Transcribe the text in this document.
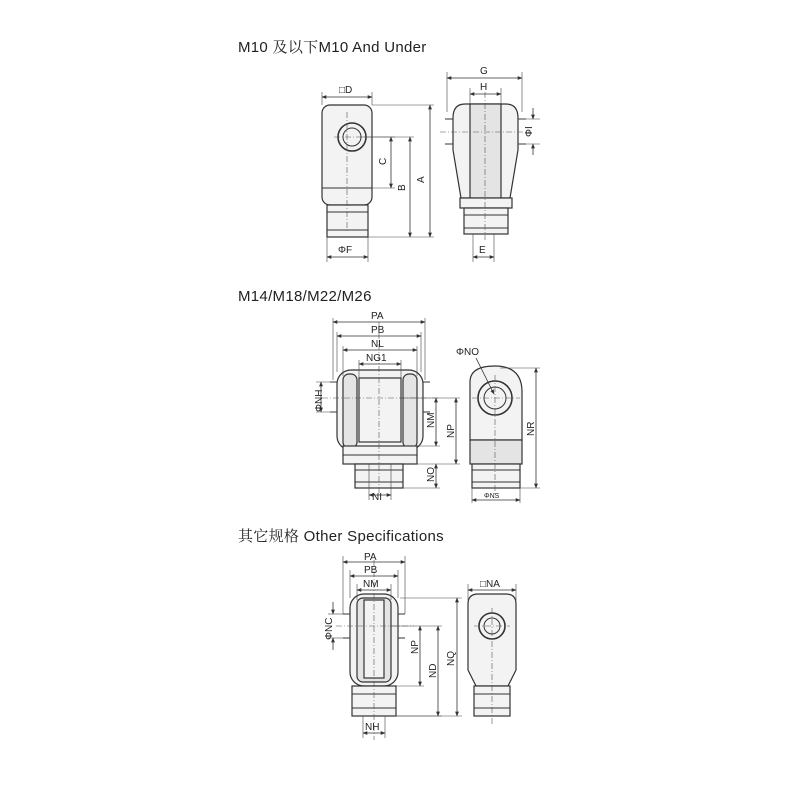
M10 及以下M10 And Under
M14/M18/M22/M26
其它规格 Other Specifications
□D
C
B
A
ΦF
G
H
ΦI
E
PA
PB
NL
NG1
ΦNH
NM
NP
NO
NI
ΦNO
NR
ΦNS
PA
PB
NM
ΦNC
NP
ND
NQ
NH
□NA
